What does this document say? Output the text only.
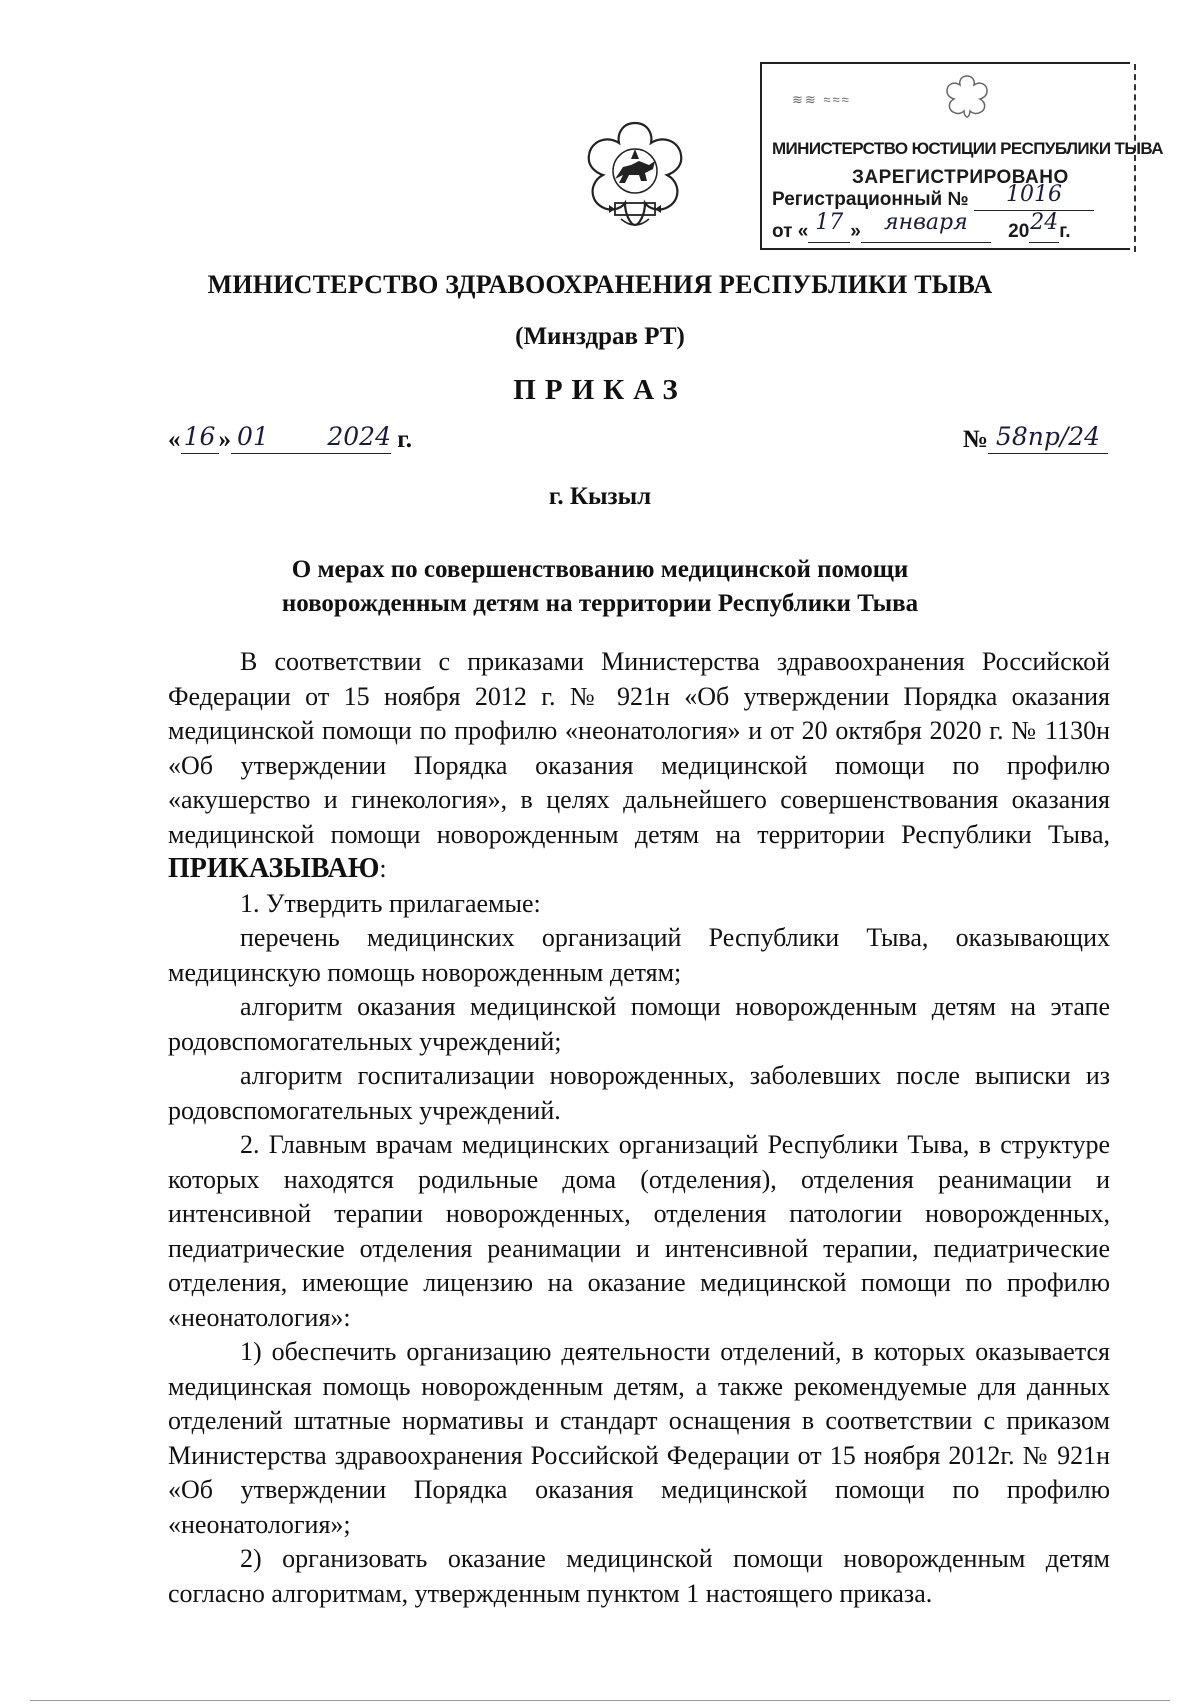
≋≋ ≈≈≈
МИНИСТЕРСТВО ЮСТИЦИИ РЕСПУБЛИКИ ТЫВА
ЗАРЕГИСТРИРОВАНО
Регистрационный № 1016
от « 17 »	января	20 24 г.
МИНИСТЕРСТВО ЗДРАВООХРАНЕНИЯ РЕСПУБЛИКИ ТЫВА
(Минздрав РТ)
ПРИКАЗ
« 16 » 01	2024 г.	№ 58пр/24
г. Кызыл
О мерах по совершенствованию медицинской помощи
новорожденным детям на территории Республики Тыва

В соответствии с приказами Министерства здравоохранения Российской Федерации от 15 ноября 2012 г. № 921н «Об утверждении Порядка оказания медицинской помощи по профилю «неонатология» и от 20 октября 2020 г. № 1130н «Об утверждении Порядка оказания медицинской помощи по профилю «акушерство и гинекология», в целях дальнейшего совершенствования оказания медицинской помощи новорожденным детям на территории Республики Тыва, ПРИКАЗЫВАЮ:

1. Утвердить прилагаемые:

перечень медицинских организаций Республики Тыва, оказывающих медицинскую помощь новорожденным детям;

алгоритм оказания медицинской помощи новорожденным детям на этапе родовспомогательных учреждений;

алгоритм госпитализации новорожденных, заболевших после выписки из родовспомогательных учреждений.

2. Главным врачам медицинских организаций Республики Тыва, в структуре которых находятся родильные дома (отделения), отделения реанимации и интенсивной терапии новорожденных, отделения патологии новорожденных, педиатрические отделения реанимации и интенсивной терапии, педиатрические отделения, имеющие лицензию на оказание медицинской помощи по профилю «неонатология»:

1) обеспечить организацию деятельности отделений, в которых оказывается медицинская помощь новорожденным детям, а также рекомендуемые для данных отделений штатные нормативы и стандарт оснащения в соответствии с приказом Министерства здравоохранения Российской Федерации от 15 ноября 2012г. № 921н «Об утверждении Порядка оказания медицинской помощи по профилю «неонатология»;

2) организовать оказание медицинской помощи новорожденным детям согласно алгоритмам, утвержденным пунктом 1 настоящего приказа.
